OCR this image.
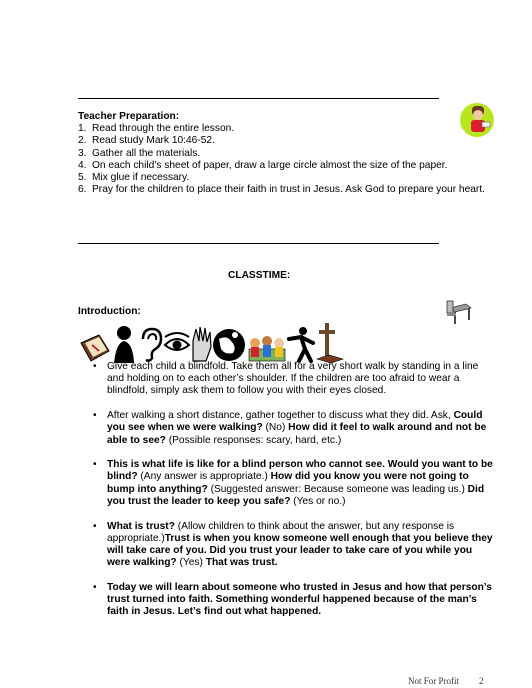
Teacher Preparation:
1. Read through the entire lesson.
2. Read study Mark 10:46-52.
3. Gather all the materials.
4. On each child’s sheet of paper, draw a large circle almost the size of the paper.
5. Mix glue if necessary.
6. Pray for the children to place their faith in trust in Jesus. Ask God to prepare your heart.
CLASSTIME:
Introduction:
• Give each child a blindfold. Take them all for a very short walk by standing in a line and holding on to each other’s shoulder. If the children are too afraid to wear a blindfold, simply ask them to follow you with their eyes closed.
• After walking a short distance, gather together to discuss what they did. Ask, Could you see when we were walking? (No) How did it feel to walk around and not be able to see? (Possible responses: scary, hard, etc.)
• This is what life is like for a blind person who cannot see. Would you want to be blind? (Any answer is appropriate.) How did you know you were not going to bump into anything? (Suggested answer: Because someone was leading us.) Did you trust the leader to keep you safe? (Yes or no.)
• What is trust? (Allow children to think about the answer, but any response is appropriate.)Trust is when you know someone well enough that you believe they will take care of you. Did you trust your leader to take care of you while you were walking? (Yes) That was trust.
• Today we will learn about someone who trusted in Jesus and how that person’s trust turned into faith. Something wonderful happened because of the man’s faith in Jesus. Let’s find out what happened.
Not For Profit 2
